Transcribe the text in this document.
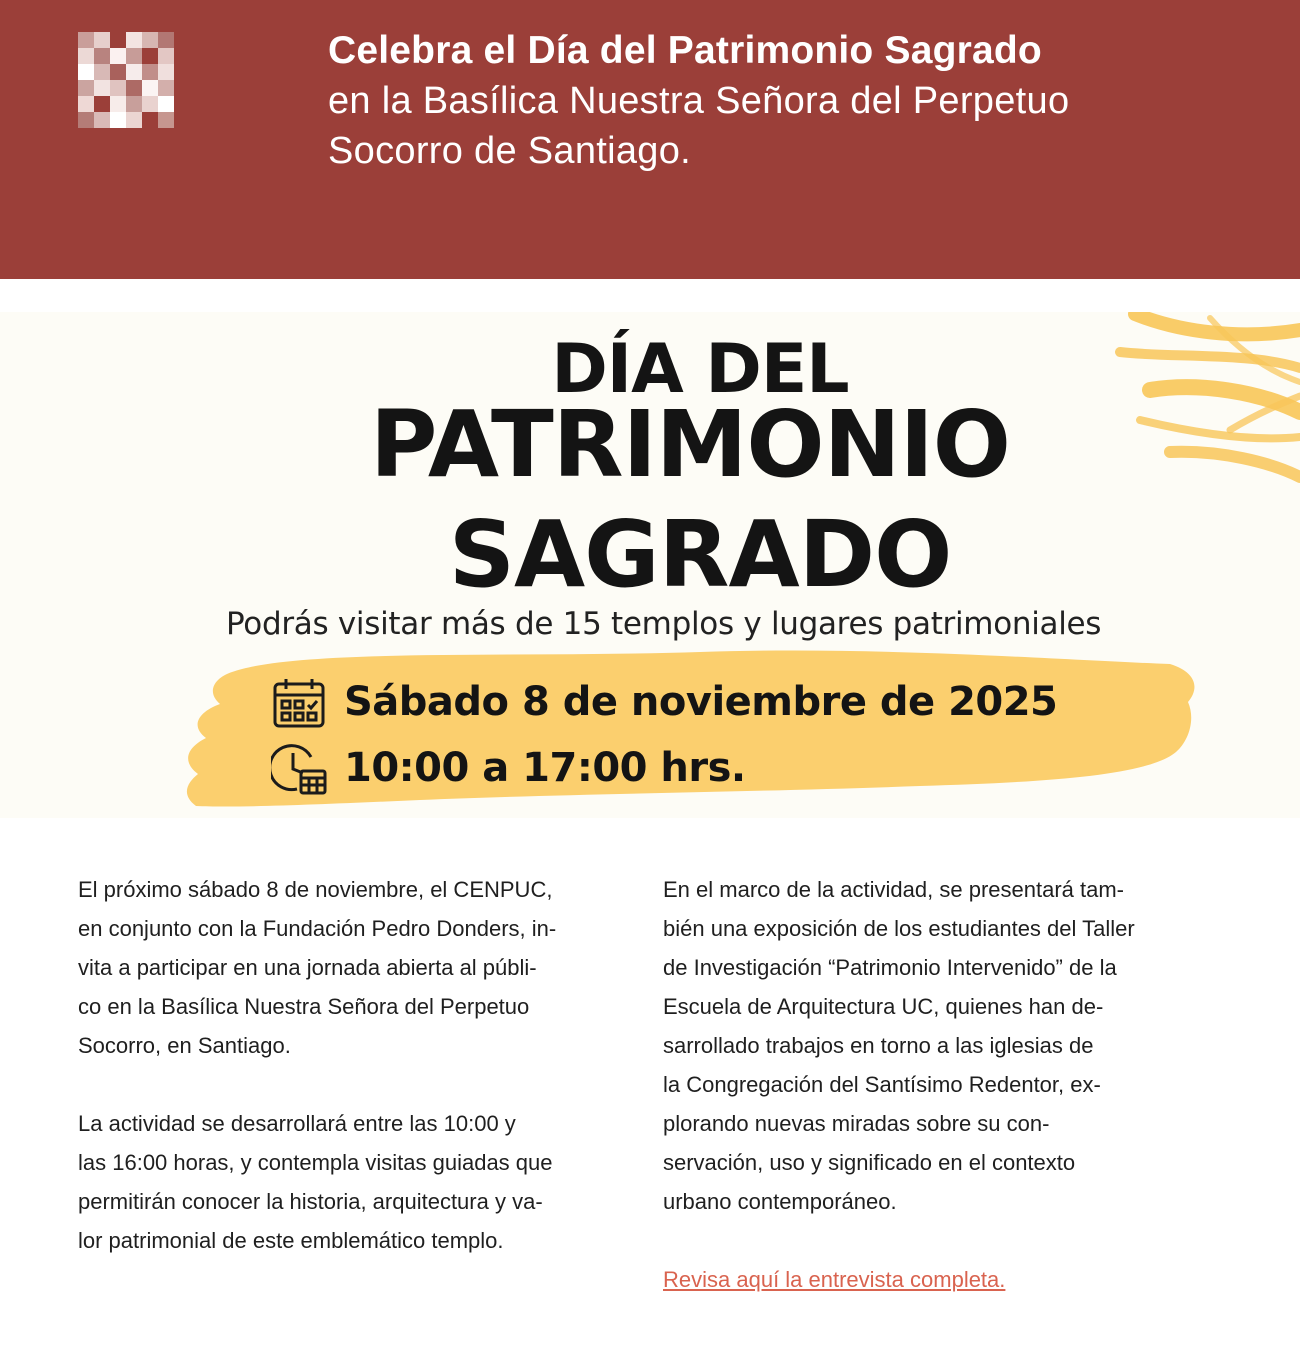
Celebra el Día del Patrimonio Sagrado
en la Basílica Nuestra Señora del Perpetuo
Socorro de Santiago.
DÍA DEL
PATRIMONIO
SAGRADO
Podrás visitar más de 15 templos y lugares patrimoniales
Sábado 8 de noviembre de 2025
10:00 a 17:00 hrs.

El próximo sábado 8 de noviembre, el CENPUC,
en conjunto con la Fundación Pedro Donders, in-
vita a participar en una jornada abierta al públi-
co en la Basílica Nuestra Señora del Perpetuo
Socorro, en Santiago.

La actividad se desarrollará entre las 10:00 y
las 16:00 horas, y contempla visitas guiadas que
permitirán conocer la historia, arquitectura y va-
lor patrimonial de este emblemático templo.

En el marco de la actividad, se presentará tam-
bién una exposición de los estudiantes del Taller
de Investigación “Patrimonio Intervenido” de la
Escuela de Arquitectura UC, quienes han de-
sarrollado trabajos en torno a las iglesias de
la Congregación del Santísimo Redentor, ex-
plorando nuevas miradas sobre su con-
servación, uso y significado en el contexto
urbano contemporáneo.

Revisa aquí la entrevista completa.
